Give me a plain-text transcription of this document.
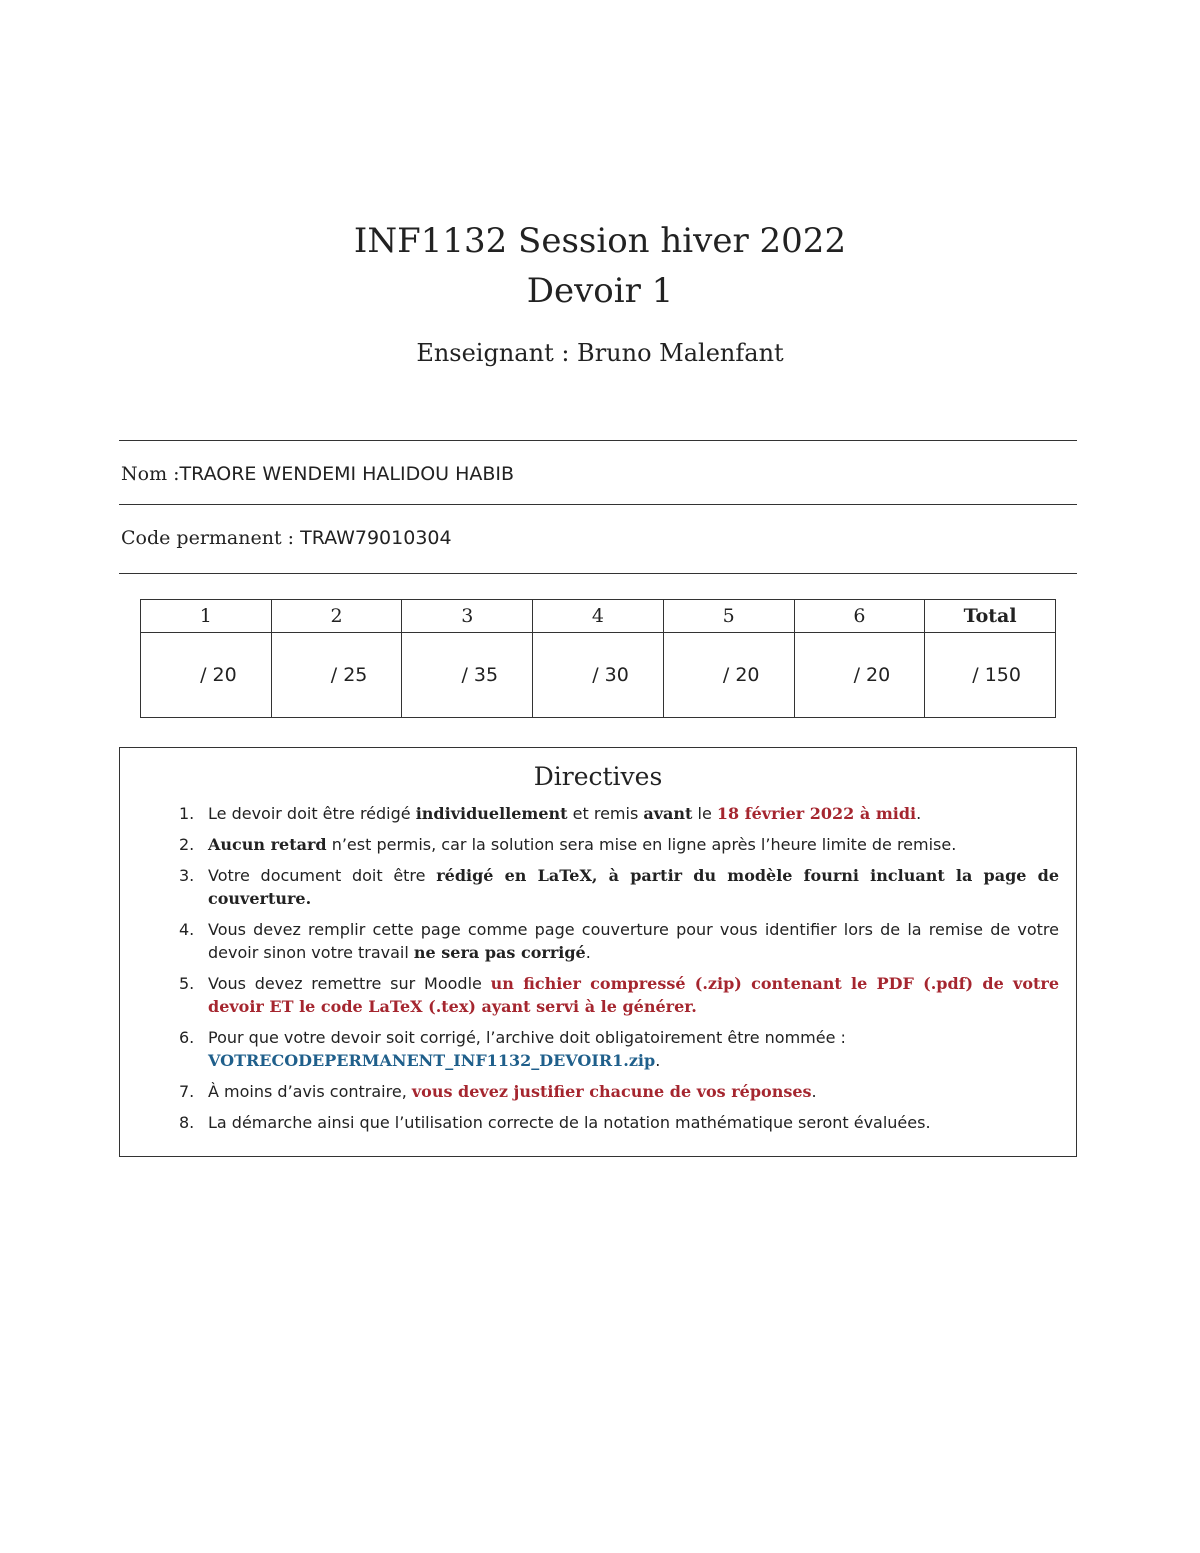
INF1132 Session hiver 2022
Devoir 1
Enseignant : Bruno Malenfant
Nom :TRAORE WENDEMI HALIDOU HABIB
Code permanent : TRAW79010304
1	2	3	4	5	6	Total
/ 20	/ 25	/ 35	/ 30	/ 20	/ 20	/ 150
Directives
1. Le devoir doit être rédigé individuellement et remis avant le 18 février 2022 à midi.
2. Aucun retard n’est permis, car la solution sera mise en ligne après l’heure limite de remise.
3. Votre document doit être rédigé en LaTeX, à partir du modèle fourni incluant la page de couverture.
4. Vous devez remplir cette page comme page couverture pour vous identifier lors de la remise de votre devoir sinon votre travail ne sera pas corrigé.
5. Vous devez remettre sur Moodle un fichier compressé (.zip) contenant le PDF (.pdf) de votre devoir ET le code LaTeX (.tex) ayant servi à le générer.
6. Pour que votre devoir soit corrigé, l’archive doit obligatoirement être nommée :
VOTRECODEPERMANENT_INF1132_DEVOIR1.zip.
7. À moins d’avis contraire, vous devez justifier chacune de vos réponses.
8. La démarche ainsi que l’utilisation correcte de la notation mathématique seront évaluées.
